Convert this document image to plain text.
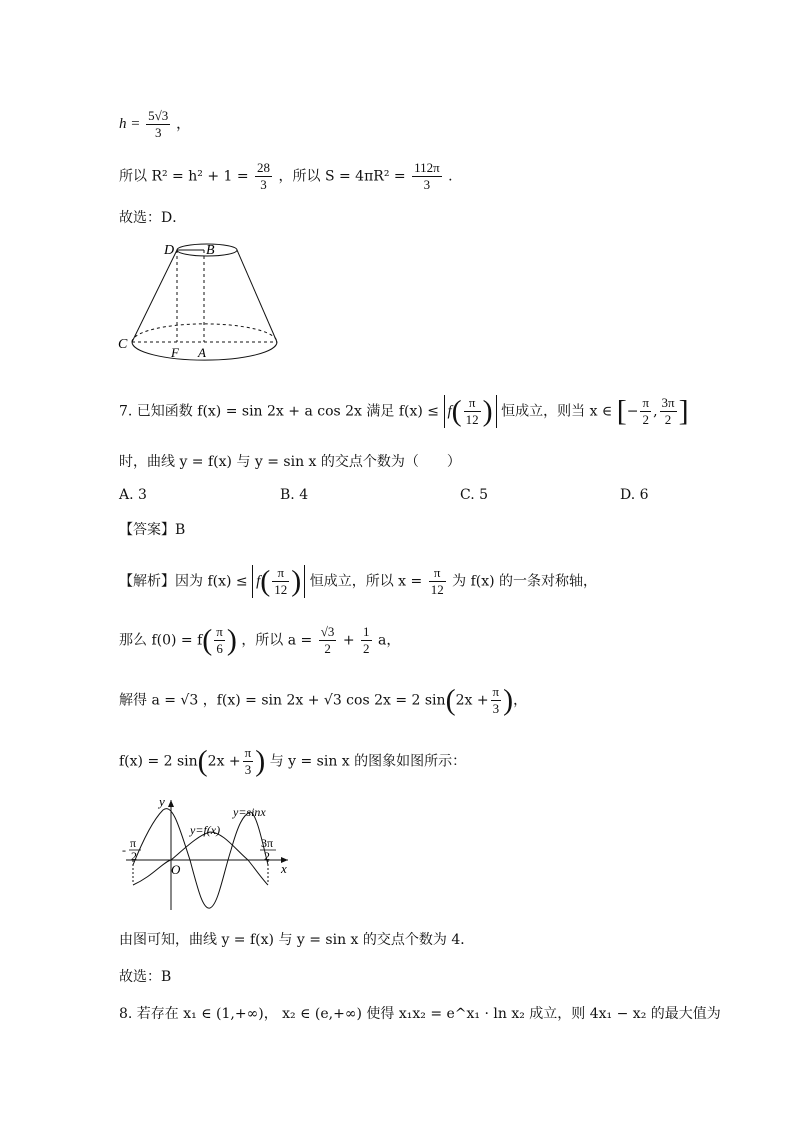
$h = \frac{5√3}{3}$ ，
所以 $R^2 = h^2 + 1 = \frac{28}{3}$ ，所以 $S = 4\pi R^2 = \frac{112\pi}{3}$ .
故选：D．
D B
C
F A
7. 已知函数 f(x) = sin 2x + a cos 2x 满足 $f(x) \le f( \frac{\pi}{12}$ ) 恒成立，则当 x ∈ [− $\frac{\pi}{2}$ , $\frac{3\pi}{2}$ ]
时，曲线 y = f(x) 与 y = sin x 的交点个数为（　　）
A. 3	B. 4	C. 5	D. 6
【答案】B
【解析】因为 $f(x) \le f( \frac{\pi}{12}$ ) 恒成立，所以 $x = \frac{\pi}{12}$ 为 f(x) 的一条对称轴，
那么 $f(0) = f( \frac{\pi}{6}$ ) ，所以 $a = \frac{√3}{2} + \frac{1}{2}$ a，
解得 a = √3 ，f(x) = sin 2x + √3 cos 2x = 2 $\sin(2x + \frac{\pi}{3}$ )，
f(x) = 2 $\sin(2x + \frac{\pi}{3}$ ) 与 y = sin x 的图象如图所示：
y
x
O
y=sinx
y=f(x)
- π
2
3π
2
由图可知，曲线 y = f(x) 与 y = sin x 的交点个数为 4．
故选：B
8. 若存在 x₁ ∈ (1,+∞)， x₂ ∈ (e,+∞) 使得 x₁x₂ = e^x₁ · ln x₂ 成立，则 4x₁ − x₂ 的最大值为
